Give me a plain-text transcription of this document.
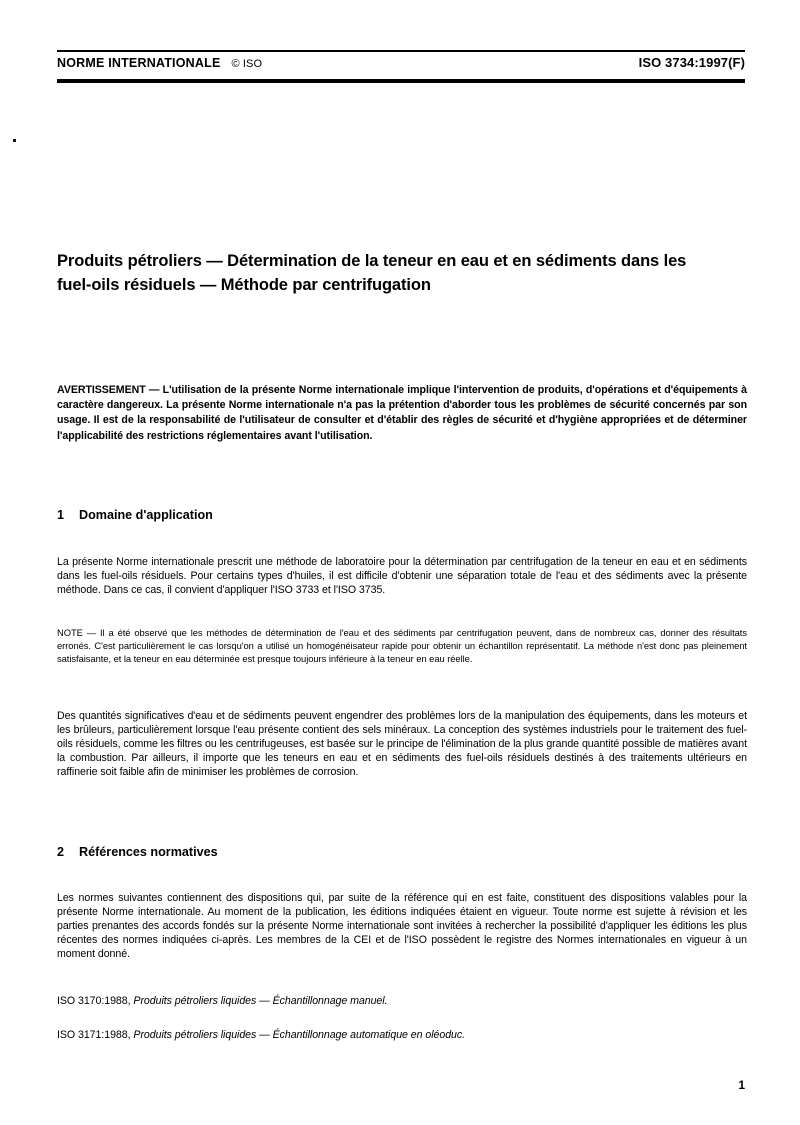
NORME INTERNATIONALE © ISO	ISO 3734:1997(F)
Produits pétroliers — Détermination de la teneur en eau et en sédiments dans les fuel-oils résiduels — Méthode par centrifugation

AVERTISSEMENT — L'utilisation de la présente Norme internationale implique l'intervention de produits, d'opérations et d'équipements à caractère dangereux. La présente Norme internationale n'a pas la prétention d'aborder tous les problèmes de sécurité concernés par son usage. Il est de la responsabilité de l'utilisateur de consulter et d'établir des règles de sécurité et d'hygiène appropriées et de déterminer l'applicabilité des restrictions réglementaires avant l'utilisation.

1 Domaine d'application

La présente Norme internationale prescrit une méthode de laboratoire pour la détermination par centrifugation de la teneur en eau et en sédiments dans les fuel-oils résiduels. Pour certains types d'huiles, il est difficile d'obtenir une séparation totale de l'eau et des sédiments avec la présente méthode. Dans ce cas, il convient d'appliquer l'ISO 3733 et l'ISO 3735.

NOTE — Il a été observé que les méthodes de détermination de l'eau et des sédiments par centrifugation peuvent, dans de nombreux cas, donner des résultats erronés. C'est particulièrement le cas lorsqu'on a utilisé un homogénéisateur rapide pour obtenir un échantillon représentatif. La méthode n'est donc pas pleinement satisfaisante, et la teneur en eau déterminée est presque toujours inférieure à la teneur en eau réelle.

Des quantités significatives d'eau et de sédiments peuvent engendrer des problèmes lors de la manipulation des équipements, dans les moteurs et les brûleurs, particulièrement lorsque l'eau présente contient des sels minéraux. La conception des systèmes industriels pour le traitement des fuel-oils résiduels, comme les filtres ou les centrifugeuses, est basée sur le principe de l'élimination de la plus grande quantité possible de matières avant la combustion. Par ailleurs, il importe que les teneurs en eau et en sédiments des fuel-oils résiduels destinés à des traitements ultérieurs en raffinerie soit faible afin de minimiser les problèmes de corrosion.

2 Références normatives

Les normes suivantes contiennent des dispositions qui, par suite de la référence qui en est faite, constituent des dispositions valables pour la présente Norme internationale. Au moment de la publication, les éditions indiquées étaient en vigueur. Toute norme est sujette à révision et les parties prenantes des accords fondés sur la présente Norme internationale sont invitées à rechercher la possibilité d'appliquer les éditions les plus récentes des normes indiquées ci-après. Les membres de la CEI et de l'ISO possèdent le registre des Normes internationales en vigueur à un moment donné.

ISO 3170:1988, Produits pétroliers liquides — Échantillonnage manuel.

ISO 3171:1988, Produits pétroliers liquides — Échantillonnage automatique en oléoduc.

1
